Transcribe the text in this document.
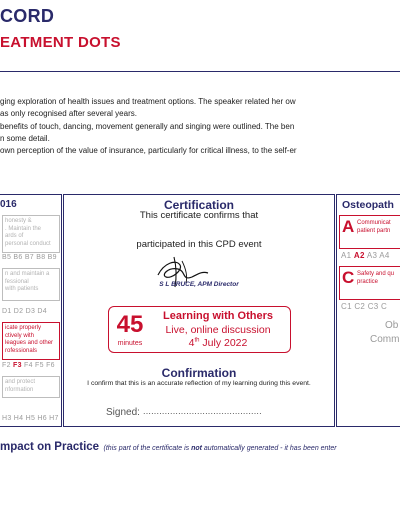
CORD
EATMENT DOTS
ging exploration of health issues and treatment options. The speaker related her ow
as only recognised after several years.
benefits of touch, dancing, movement generally and singing were outlined. The ben
n some detail.
own perception of the value of insurance, particularly for critical illness, to the self-er
016
honesty &
. Maintain the
ards of
personal conduct
B5 B6 B7 B8 B9
n and maintain a
fessional
with patients
D1 D2 D3 D4
icate properly
ctively with
leagues and other
rofessionals
F2 F3 F4 F5 F6
and protect
nformation
H3 H4 H5 H6 H7
Certification
This certificate confirms that
participated in this CPD event
S L BRUCE, APM Director
45
minutes
Learning with Others
Live, online discussion
4th July 2022
Confirmation
I confirm that this is an accurate reflection of my learning during this event.
Signed: ............................................
Osteopath
A Communicat
patient partn
A1 A2 A3 A4
C Safety and qu
practice
C1 C2 C3 C
Ob
Comm
mpact on Practice (this part of the certificate is not automatically generated - it has been enter
